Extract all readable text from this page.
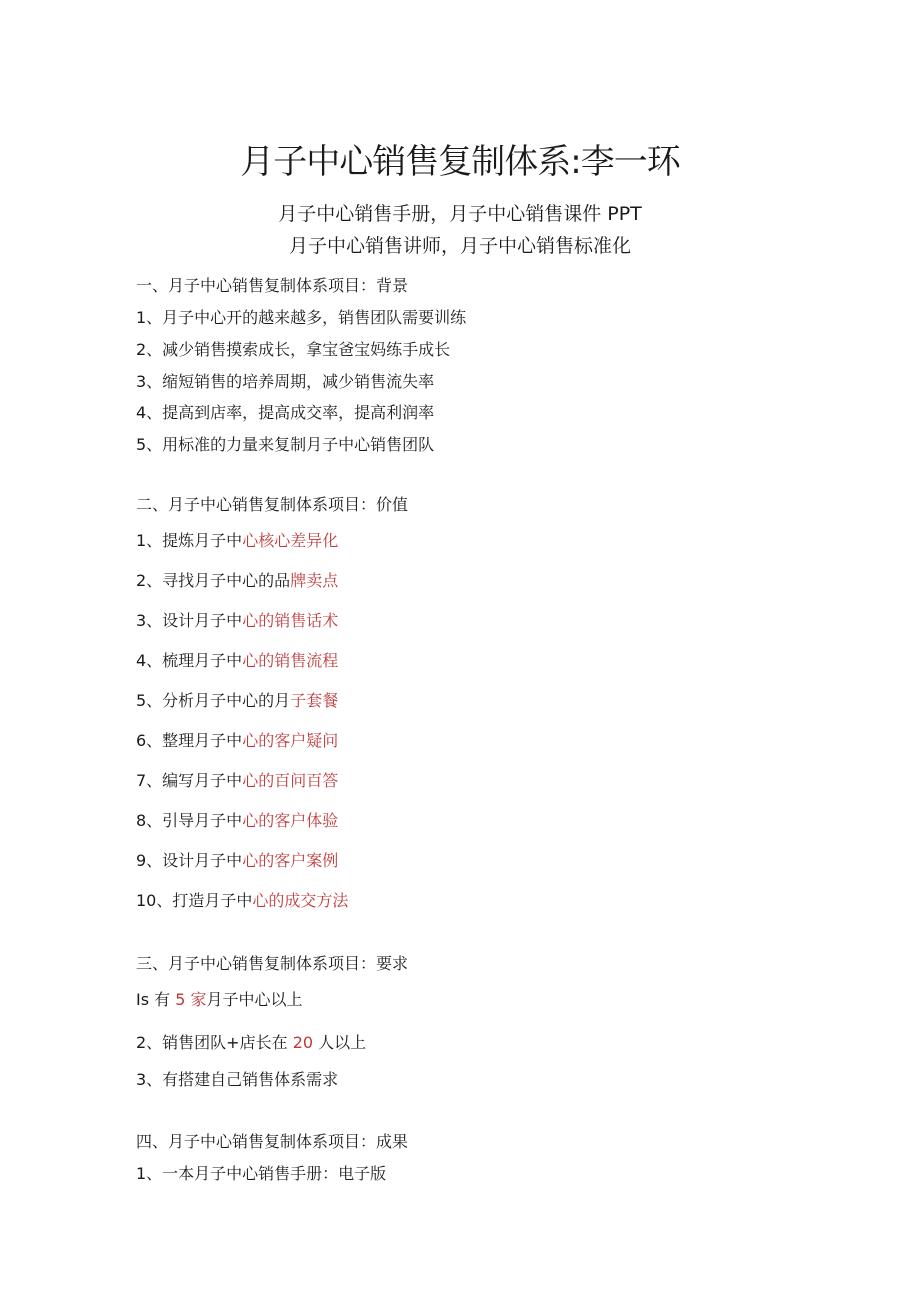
月子中心销售复制体系:李一环
月子中心销售手册，月子中心销售课件 PPT
月子中心销售讲师，月子中心销售标准化
一、月子中心销售复制体系项目：背景
1、月子中心开的越来越多，销售团队需要训练
2、减少销售摸索成长，拿宝爸宝妈练手成长
3、缩短销售的培养周期，减少销售流失率
4、提高到店率，提高成交率，提高利润率
5、用标准的力量来复制月子中心销售团队
二、月子中心销售复制体系项目：价值
1、提炼月子中心核心差异化
2、寻找月子中心的品牌卖点
3、设计月子中心的销售话术
4、梳理月子中心的销售流程
5、分析月子中心的月子套餐
6、整理月子中心的客户疑问
7、编写月子中心的百问百答
8、引导月子中心的客户体验
9、设计月子中心的客户案例
10、打造月子中心的成交方法
三、月子中心销售复制体系项目：要求
Is 有 5 家月子中心以上
2、销售团队+店长在 20 人以上
3、有搭建自己销售体系需求
四、月子中心销售复制体系项目：成果
1、一本月子中心销售手册：电子版
